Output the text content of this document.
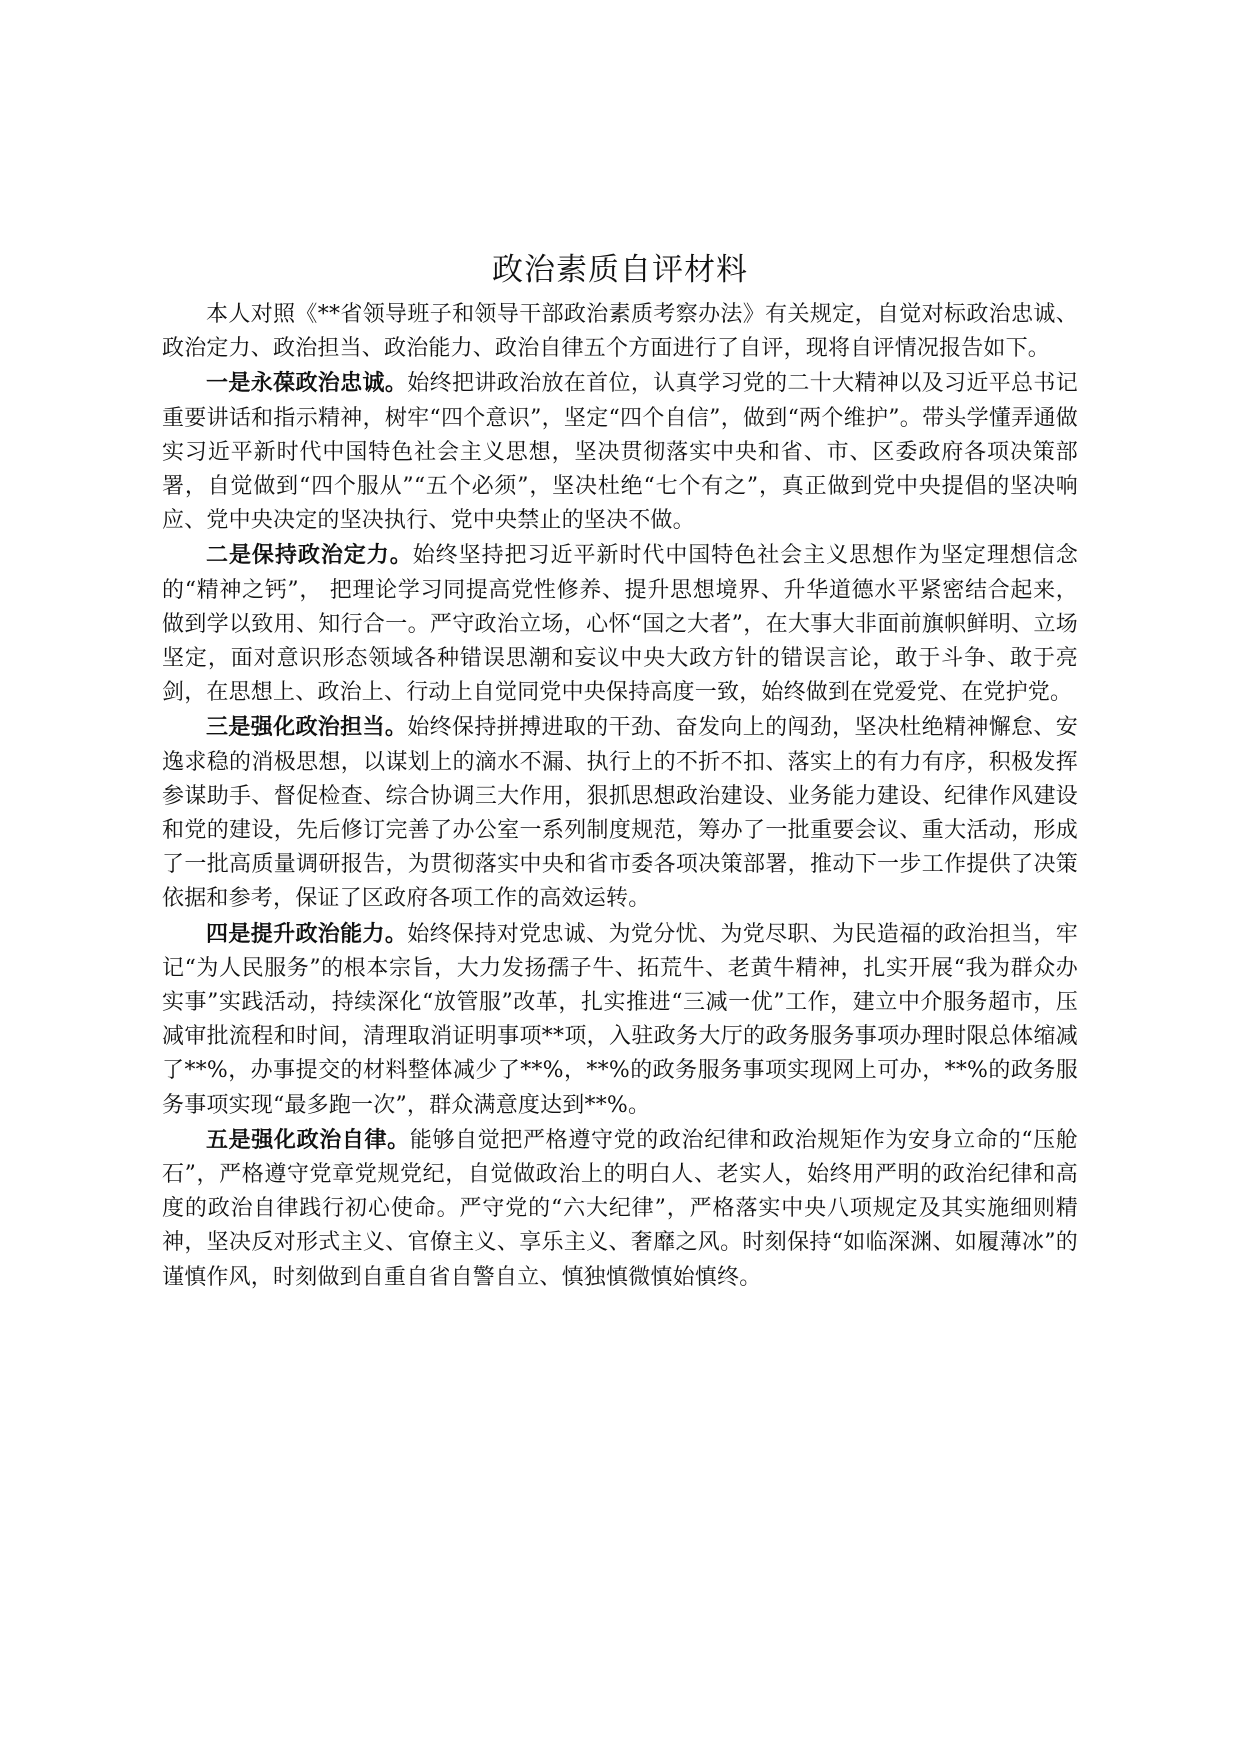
政治素质自评材料

本人对照《**省领导班子和领导干部政治素质考察办法》有关规定，自觉对标政治忠诚、政治定力、政治担当、政治能力、政治自律五个方面进行了自评，现将自评情况报告如下。

一是永葆政治忠诚。始终把讲政治放在首位，认真学习党的二十大精神以及习近平总书记重要讲话和指示精神，树牢“四个意识”，坚定“四个自信”，做到“两个维护”。带头学懂弄通做实习近平新时代中国特色社会主义思想，坚决贯彻落实中央和省、市、区委政府各项决策部署，自觉做到“四个服从”“五个必须”，坚决杜绝“七个有之”，真正做到党中央提倡的坚决响应、党中央决定的坚决执行、党中央禁止的坚决不做。

二是保持政治定力。始终坚持把习近平新时代中国特色社会主义思想作为坚定理想信念的“精神之钙”， 把理论学习同提高党性修养、提升思想境界、升华道德水平紧密结合起来，做到学以致用、知行合一。严守政治立场，心怀“国之大者”，在大事大非面前旗帜鲜明、立场坚定，面对意识形态领域各种错误思潮和妄议中央大政方针的错误言论，敢于斗争、敢于亮剑，在思想上、政治上、行动上自觉同党中央保持高度一致，始终做到在党爱党、在党护党。

三是强化政治担当。始终保持拼搏进取的干劲、奋发向上的闯劲，坚决杜绝精神懈怠、安逸求稳的消极思想，以谋划上的滴水不漏、执行上的不折不扣、落实上的有力有序，积极发挥参谋助手、督促检查、综合协调三大作用，狠抓思想政治建设、业务能力建设、纪律作风建设和党的建设，先后修订完善了办公室一系列制度规范，筹办了一批重要会议、重大活动，形成了一批高质量调研报告，为贯彻落实中央和省市委各项决策部署，推动下一步工作提供了决策依据和参考，保证了区政府各项工作的高效运转。

四是提升政治能力。始终保持对党忠诚、为党分忧、为党尽职、为民造福的政治担当，牢记“为人民服务”的根本宗旨，大力发扬孺子牛、拓荒牛、老黄牛精神，扎实开展“我为群众办实事”实践活动，持续深化“放管服”改革，扎实推进“三减一优”工作，建立中介服务超市，压减审批流程和时间，清理取消证明事项**项，入驻政务大厅的政务服务事项办理时限总体缩减了**%，办事提交的材料整体减少了**%，**%的政务服务事项实现网上可办，**%的政务服务事项实现“最多跑一次”，群众满意度达到**%。

五是强化政治自律。能够自觉把严格遵守党的政治纪律和政治规矩作为安身立命的“压舱石”，严格遵守党章党规党纪，自觉做政治上的明白人、老实人，始终用严明的政治纪律和高度的政治自律践行初心使命。严守党的“六大纪律”，严格落实中央八项规定及其实施细则精神，坚决反对形式主义、官僚主义、享乐主义、奢靡之风。时刻保持“如临深渊、如履薄冰”的谨慎作风，时刻做到自重自省自警自立、慎独慎微慎始慎终。
